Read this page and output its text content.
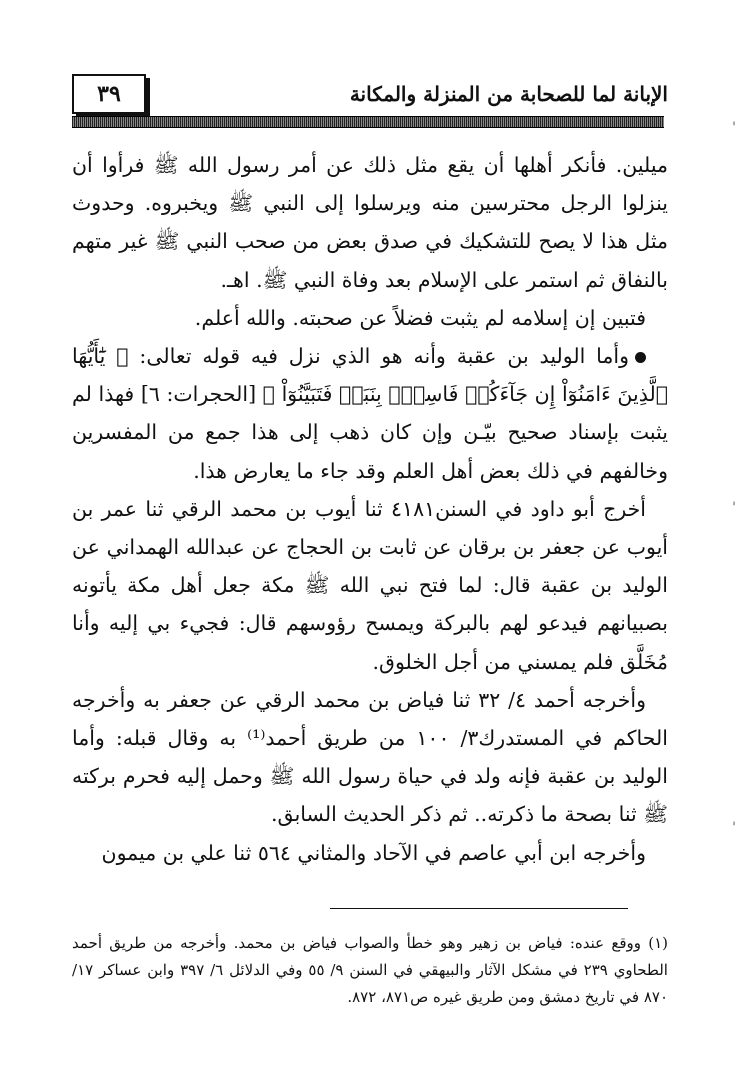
٣٩	الإبانة لما للصحابة من المنزلة والمكانة
'
'
'

ميلين. فأنكر أهلها أن يقع مثل ذلك عن أمر رسول الله ﷺ فرأوا أن ينزلوا الرجل محترسين منه ويرسلوا إلى النبي ﷺ ويخبروه. وحدوث مثل هذا لا يصح للتشكيك في صدق بعض من صحب النبي ﷺ غير متهم بالنفاق ثم استمر على الإسلام بعد وفاة النبي ﷺ. اهـ.

فتبين إن إسلامه لم يثبت فضلاً عن صحبته. والله أعلم.

وأما الوليد بن عقبة وأنه هو الذي نزل فيه قوله تعالى: ﴿ يَٰٓأَيُّهَا ٱلَّذِينَ ءَامَنُوٓاْ إِن جَآءَكُمۡ فَاسِقُۢ بِنَبَإٖ فَتَبَيَّنُوٓاْ ﴾ [الحجرات: ٦] فهذا لم يثبت بإسناد صحيح بيّـن وإن كان ذهب إلى هذا جمع من المفسرين وخالفهم في ذلك بعض أهل العلم وقد جاء ما يعارض هذا.

أخرج أبو داود في السنن٤١٨١ ثنا أيوب بن محمد الرقي ثنا عمر بن أيوب عن جعفر بن برقان عن ثابت بن الحجاج عن عبدالله الهمداني عن الوليد بن عقبة قال: لما فتح نبي الله ﷺ مكة جعل أهل مكة يأتونه بصبيانهم فيدعو لهم بالبركة ويمسح رؤوسهم قال: فجيء بي إليه وأنا مُخَلَّق فلم يمسني من أجل الخلوق.

وأخرجه أحمد ٤/ ٣٢ ثنا فياض بن محمد الرقي عن جعفر به وأخرجه الحاكم في المستدرك٣/ ١٠٠ من طريق أحمد⁽¹⁾ به وقال قبله: وأما الوليد بن عقبة فإنه ولد في حياة رسول الله ﷺ وحمل إليه فحرم بركته ﷺ ثنا بصحة ما ذكرته.. ثم ذكر الحديث السابق.

وأخرجه ابن أبي عاصم في الآحاد والمثاني ٥٦٤ ثنا علي بن ميمون

(١) ووقع عنده: فياض بن زهير وهو خطأ والصواب فياض بن محمد. وأخرجه من طريق أحمد الطحاوي ٢٣٩ في مشكل الآثار والبيهقي في السنن ٩/ ٥٥ وفي الدلائل ٦/ ٣٩٧ وابن عساكر ١٧/ ٨٧٠ في تاريخ دمشق ومن طريق غيره ص٨٧١، ٨٧٢.
